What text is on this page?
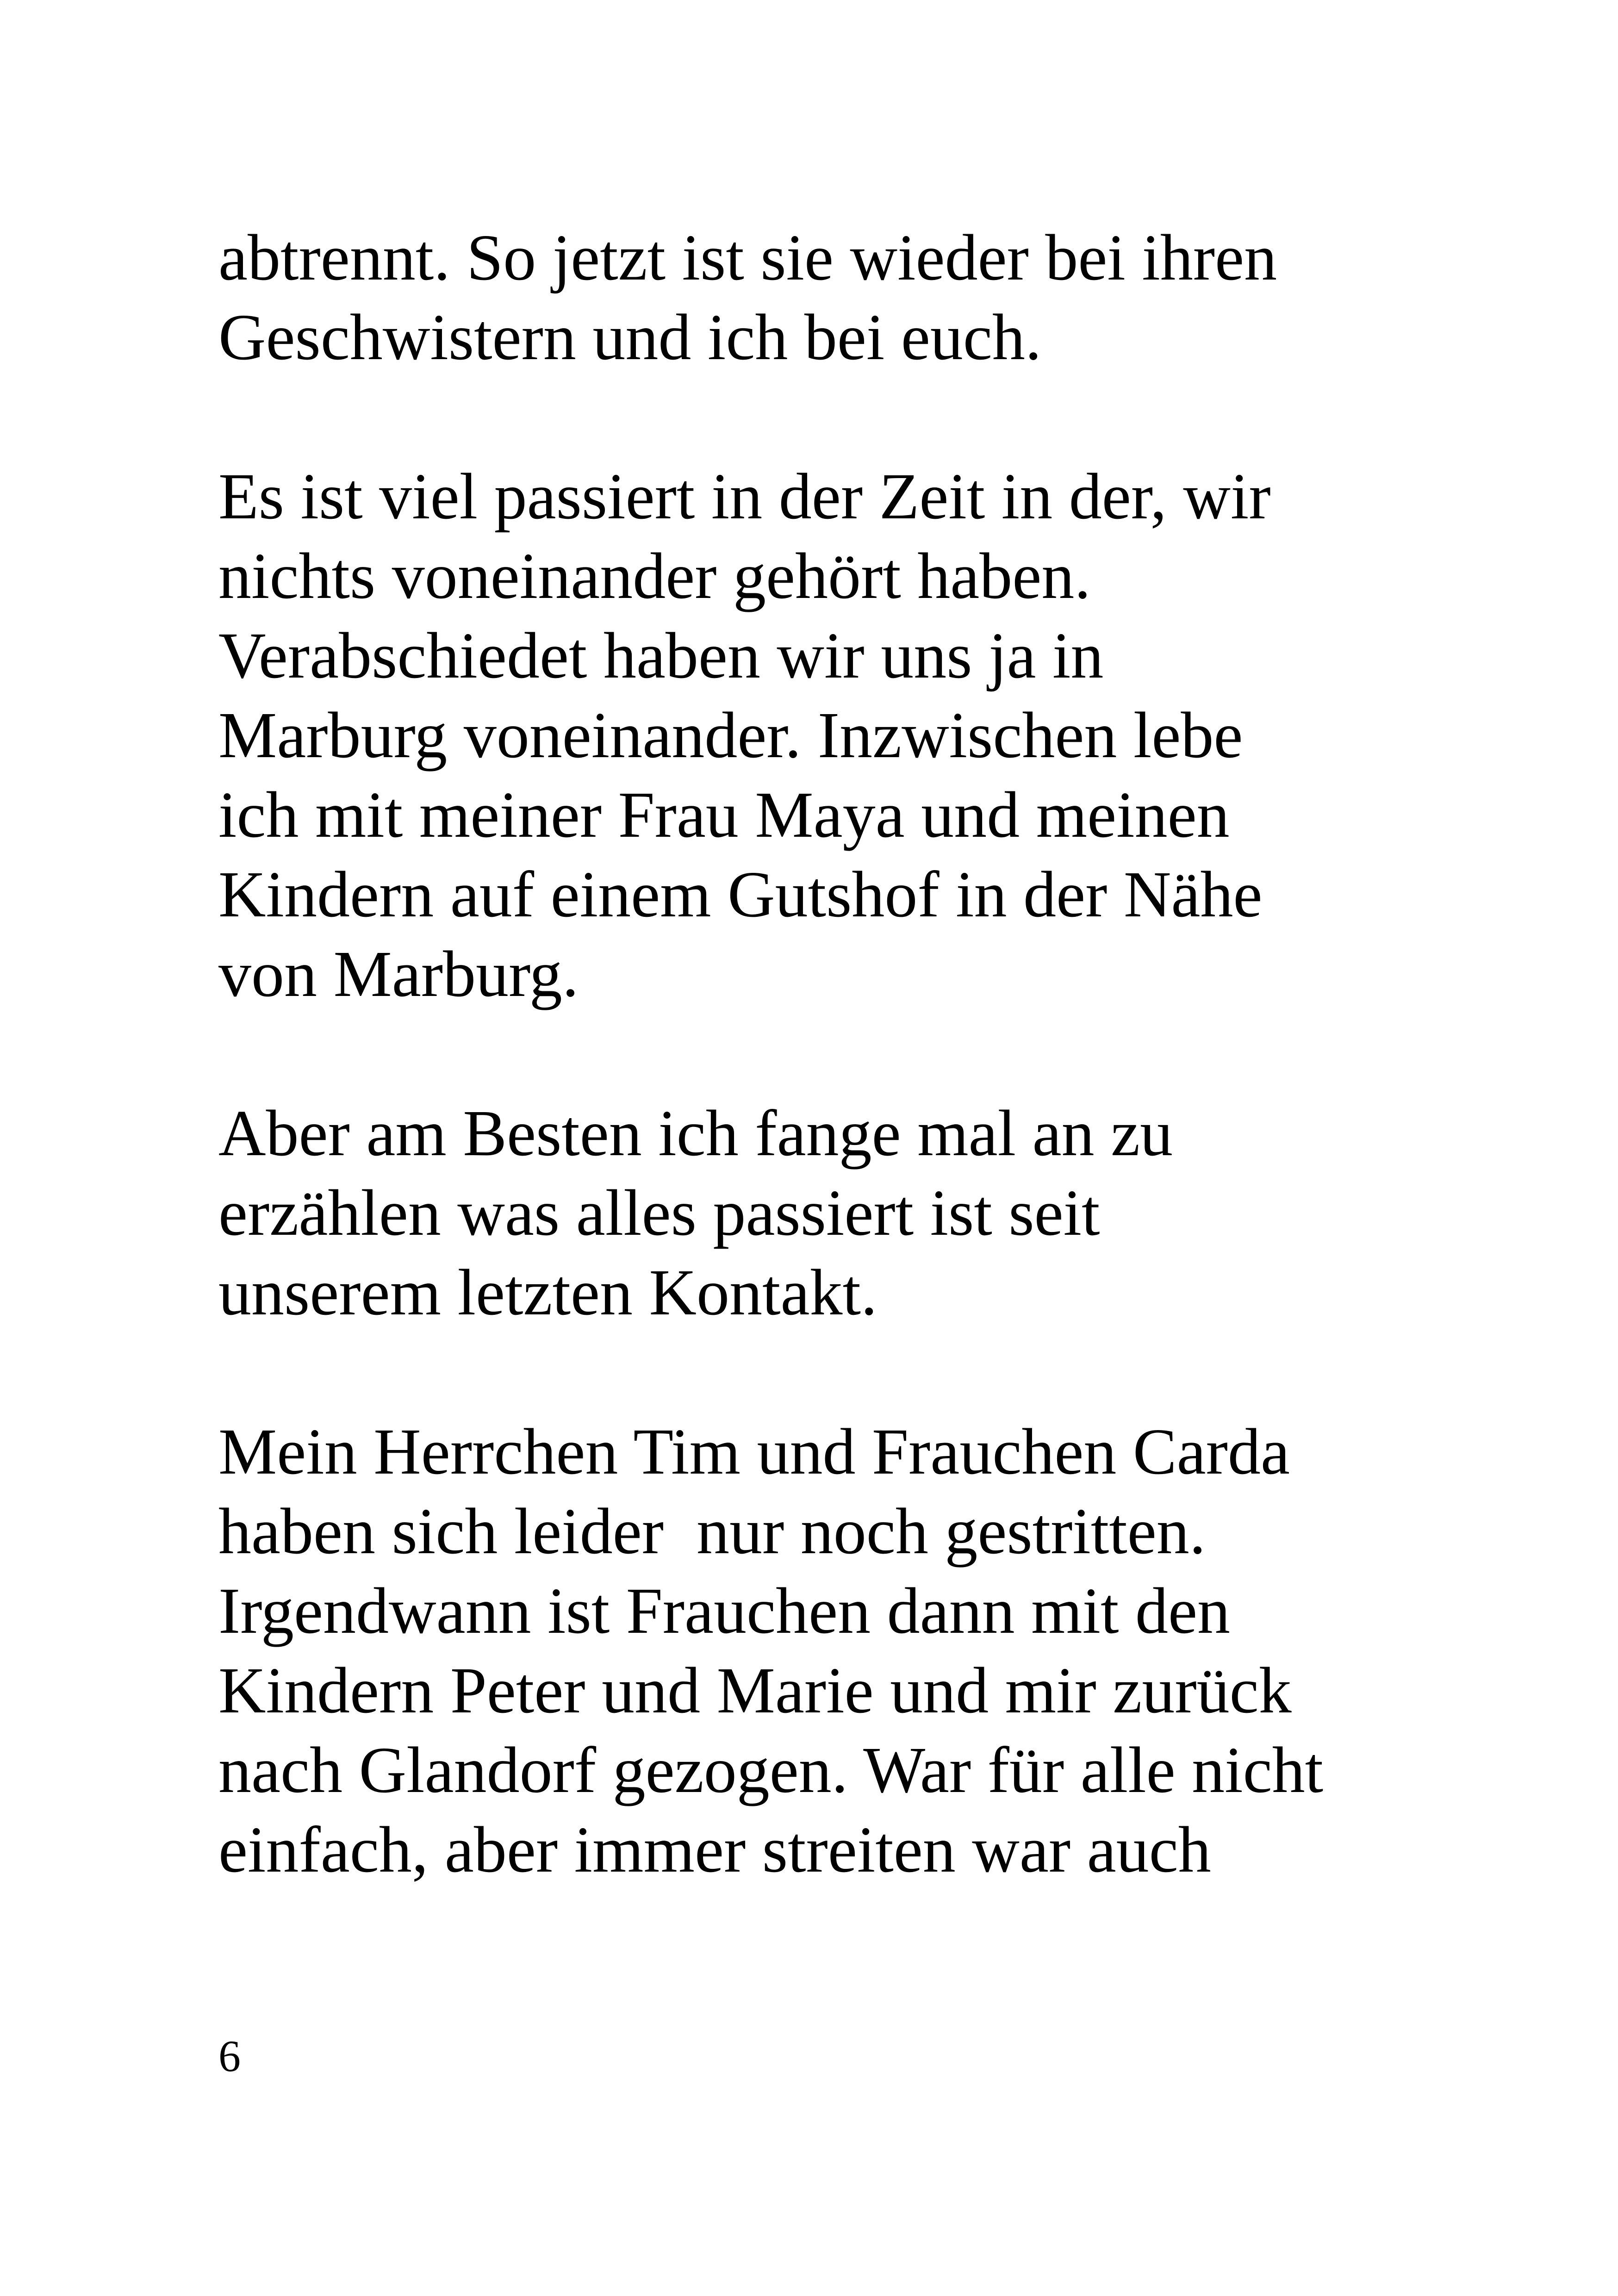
abtrennt. So jetzt ist sie wieder bei ihren
Geschwistern und ich bei euch.
Es ist viel passiert in der Zeit in der, wir
nichts voneinander gehört haben.
Verabschiedet haben wir uns ja in
Marburg voneinander. Inzwischen lebe
ich mit meiner Frau Maya und meinen
Kindern auf einem Gutshof in der Nähe
von Marburg.
Aber am Besten ich fange mal an zu
erzählen was alles passiert ist seit
unserem letzten Kontakt.
Mein Herrchen Tim und Frauchen Carda
haben sich leider  nur noch gestritten.
Irgendwann ist Frauchen dann mit den
Kindern Peter und Marie und mir zurück
nach Glandorf gezogen. War für alle nicht
einfach, aber immer streiten war auch
6
